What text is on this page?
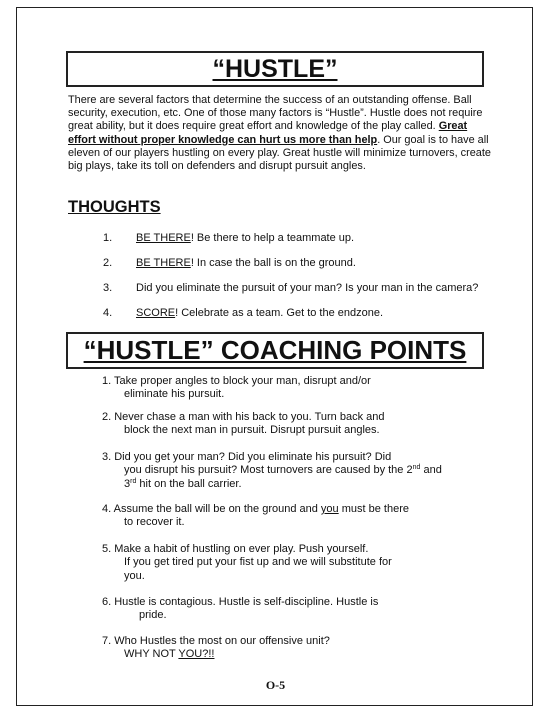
“HUSTLE”

There are several factors that determine the success of an outstanding offense. Ball security, execution, etc. One of those many factors is “Hustle”. Hustle does not require great ability, but it does require great effort and knowledge of the play called. Great effort without proper knowledge can hurt us more than help. Our goal is to have all eleven of our players hustling on every play. Great hustle will minimize turnovers, create big plays, take its toll on defenders and disrupt pursuit angles.

THOUGHTS
1. BE THERE! Be there to help a teammate up.
2. BE THERE! In case the ball is on the ground.
3. Did you eliminate the pursuit of your man? Is your man in the camera?
4. SCORE! Celebrate as a team. Get to the endzone.
“HUSTLE” COACHING POINTS
1. Take proper angles to block your man, disrupt and/or
eliminate his pursuit.
2. Never chase a man with his back to you. Turn back and
block the next man in pursuit. Disrupt pursuit angles.
3. Did you get your man? Did you eliminate his pursuit? Did
you disrupt his pursuit? Most turnovers are caused by the 2nd and
3rd hit on the ball carrier.
4. Assume the ball will be on the ground and you must be there
to recover it.
5. Make a habit of hustling on ever play. Push yourself.
If you get tired put your fist up and we will substitute for
you.
6. Hustle is contagious. Hustle is self-discipline. Hustle is
pride.
7. Who Hustles the most on our offensive unit?
WHY NOT YOU?!!
O-5
